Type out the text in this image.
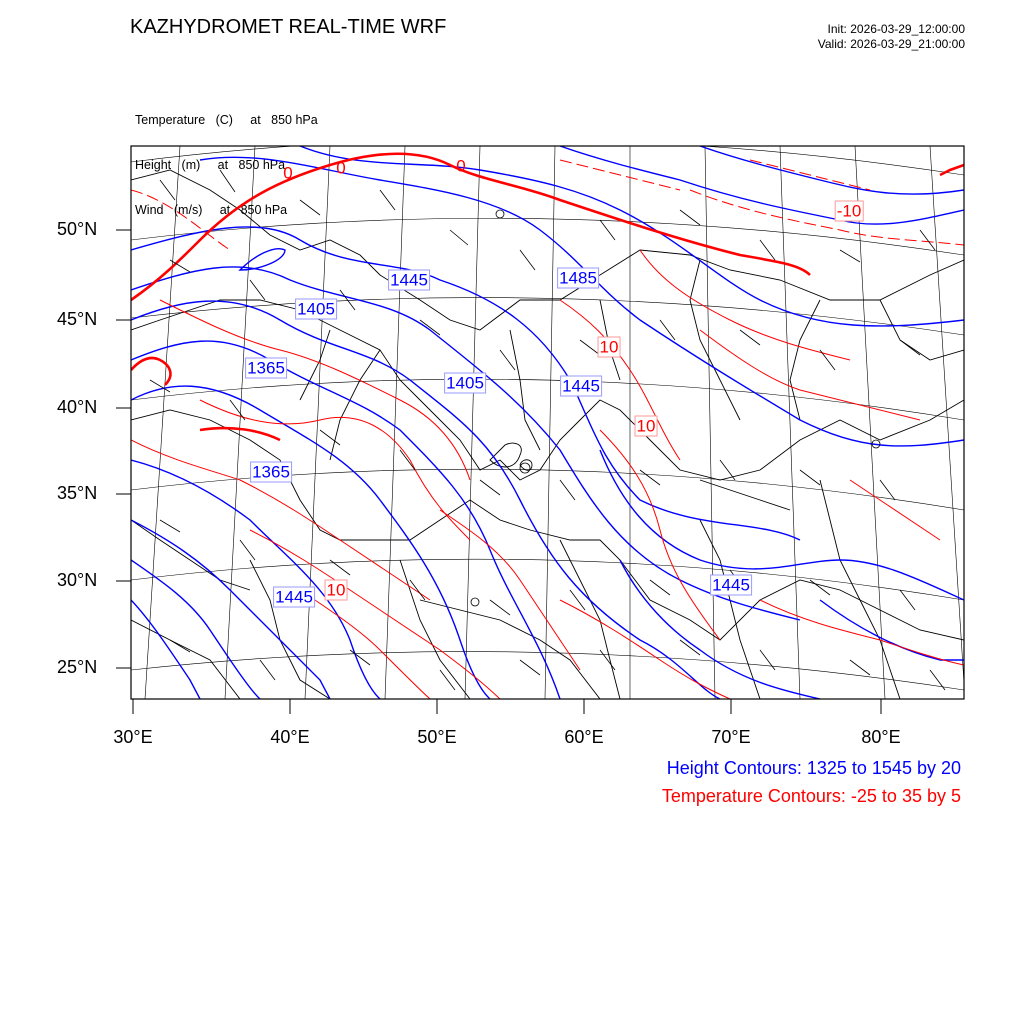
KAZHYDROMET REAL-TIME WRF	Init: 2026-03-29_12:00:00
Valid: 2026-03-29_21:00:00

Temperature   (C)     at   850 hPa

Height   (m)     at   850 hPa

Wind   (m/s)     at   850 hPa

50°N
45°N
40°N
35°N
30°N
25°N
30°E	40°E	50°E	60°E	70°E	80°E
1445	1485
1405
1365
1405	1445
1365
1445
1445
-10
10
10
10
0	0	0
Height Contours: 1325 to 1545 by 20
Temperature Contours: -25 to 35 by 5
